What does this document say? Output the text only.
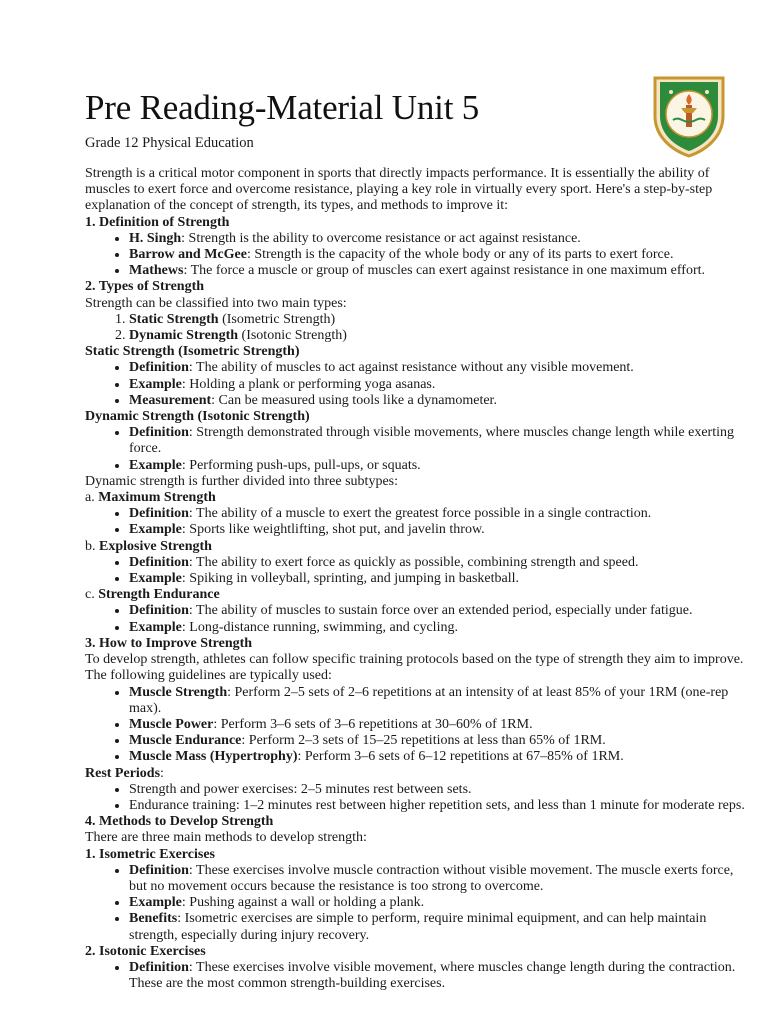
Pre Reading-Material Unit 5
Grade 12 Physical Education

Strength is a critical motor component in sports that directly impacts performance. It is essentially the ability of muscles to exert force and overcome resistance, playing a key role in virtually every sport. Here's a step-by-step explanation of the concept of strength, its types, and methods to improve it:

1. Definition of Strength
• H. Singh: Strength is the ability to overcome resistance or act against resistance.
• Barrow and McGee: Strength is the capacity of the whole body or any of its parts to exert force.
• Mathews: The force a muscle or group of muscles can exert against resistance in one maximum effort.
2. Types of Strength

Strength can be classified into two main types:

1. Static Strength (Isometric Strength)
2. Dynamic Strength (Isotonic Strength)
Static Strength (Isometric Strength)
• Definition: The ability of muscles to act against resistance without any visible movement.
• Example: Holding a plank or performing yoga asanas.
• Measurement: Can be measured using tools like a dynamometer.
Dynamic Strength (Isotonic Strength)
• Definition: Strength demonstrated through visible movements, where muscles change length while exerting force.
• Example: Performing push-ups, pull-ups, or squats.

Dynamic strength is further divided into three subtypes:

a. Maximum Strength

• Definition: The ability of a muscle to exert the greatest force possible in a single contraction.
• Example: Sports like weightlifting, shot put, and javelin throw.

b. Explosive Strength

• Definition: The ability to exert force as quickly as possible, combining strength and speed.
• Example: Spiking in volleyball, sprinting, and jumping in basketball.

c. Strength Endurance

• Definition: The ability of muscles to sustain force over an extended period, especially under fatigue.
• Example: Long-distance running, swimming, and cycling.
3. How to Improve Strength

To develop strength, athletes can follow specific training protocols based on the type of strength they aim to improve. The following guidelines are typically used:

• Muscle Strength: Perform 2–5 sets of 2–6 repetitions at an intensity of at least 85% of your 1RM (one-rep max).
• Muscle Power: Perform 3–6 sets of 3–6 repetitions at 30–60% of 1RM.
• Muscle Endurance: Perform 2–3 sets of 15–25 repetitions at less than 65% of 1RM.
• Muscle Mass (Hypertrophy): Perform 3–6 sets of 6–12 repetitions at 67–85% of 1RM.

Rest Periods:

• Strength and power exercises: 2–5 minutes rest between sets.
• Endurance training: 1–2 minutes rest between higher repetition sets, and less than 1 minute for moderate reps.
4. Methods to Develop Strength

There are three main methods to develop strength:

1. Isometric Exercises
• Definition: These exercises involve muscle contraction without visible movement. The muscle exerts force, but no movement occurs because the resistance is too strong to overcome.
• Example: Pushing against a wall or holding a plank.
• Benefits: Isometric exercises are simple to perform, require minimal equipment, and can help maintain strength, especially during injury recovery.
2. Isotonic Exercises
• Definition: These exercises involve visible movement, where muscles change length during the contraction. These are the most common strength-building exercises.
